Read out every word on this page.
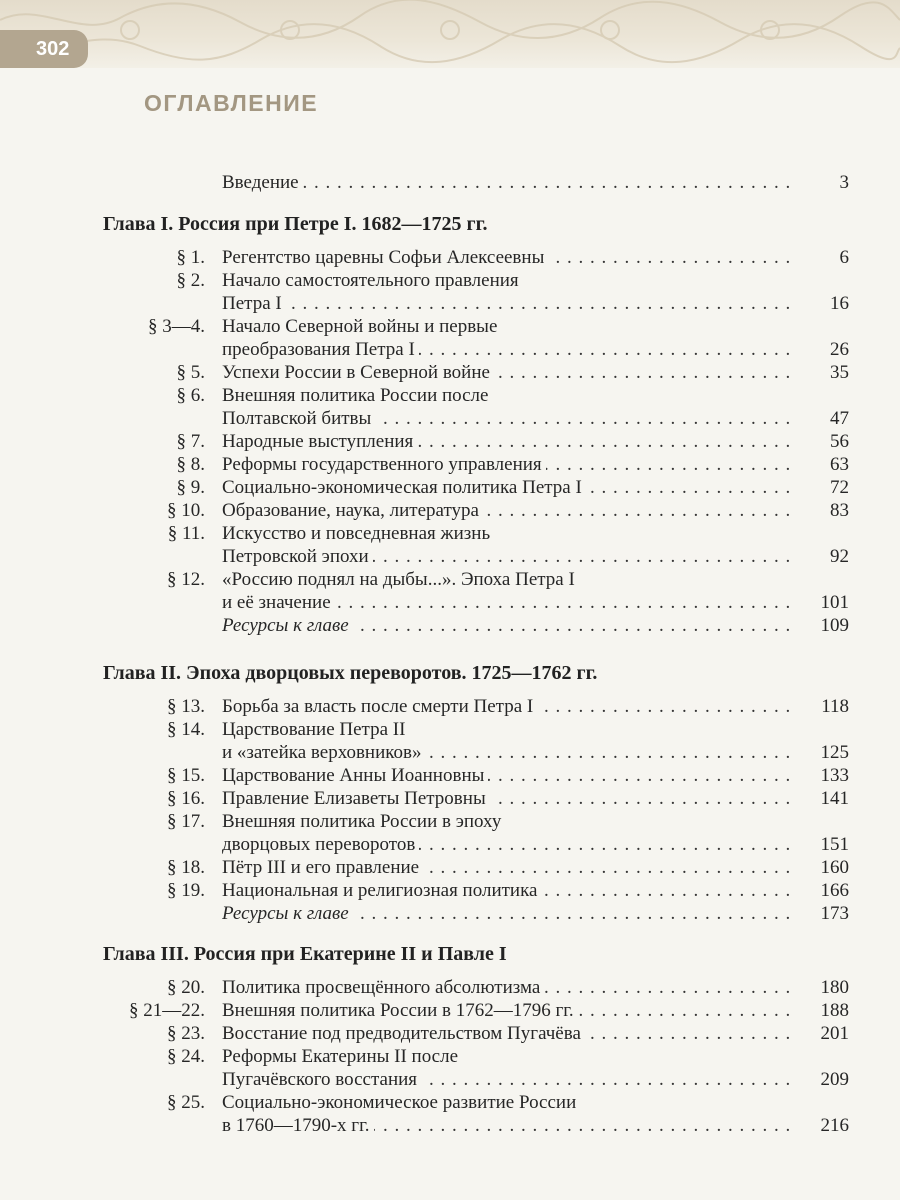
302
ОГЛАВЛЕНИЕ
Введение . . .	3
Глава I. Россия при Петре I. 1682—1725 гг.
§ 1. Регентство царевны Софьи Алексеевны . . .	6
§ 2. Начало самостоятельного правления
Петра I . . .	16
§ 3—4. Начало Северной войны и первые
преобразования Петра I . . .	26
§ 5. Успехи России в Северной войне . . .	35
§ 6. Внешняя политика России после
Полтавской битвы . . .	47
§ 7. Народные выступления . . .	56
§ 8. Реформы государственного управления . . .	63
§ 9. Социально-экономическая политика Петра I . . .	72
§ 10. Образование, наука, литература . . .	83
§ 11. Искусство и повседневная жизнь
Петровской эпохи . . .	92
§ 12. «Россию поднял на дыбы...». Эпоха Петра I
и её значение . . .	101
Ресурсы к главе . . .	109
Глава II. Эпоха дворцовых переворотов. 1725—1762 гг.
§ 13. Борьба за власть после смерти Петра I . . .	118
§ 14. Царствование Петра II
и «затейка верховников» . . .	125
§ 15. Царствование Анны Иоанновны . . .	133
§ 16. Правление Елизаветы Петровны . . .	141
§ 17. Внешняя политика России в эпоху
дворцовых переворотов . . .	151
§ 18. Пётр III и его правление . . .	160
§ 19. Национальная и религиозная политика . . .	166
Ресурсы к главе . . .	173
Глава III. Россия при Екатерине II и Павле I
§ 20. Политика просвещённого абсолютизма . . .	180
§ 21—22. Внешняя политика России в 1762—1796 гг. . . .	188
§ 23. Восстание под предводительством Пугачёва . . .	201
§ 24. Реформы Екатерины II после
Пугачёвского восстания . . .	209
§ 25. Социально-экономическое развитие России
в 1760—1790-х гг. . . .	216
